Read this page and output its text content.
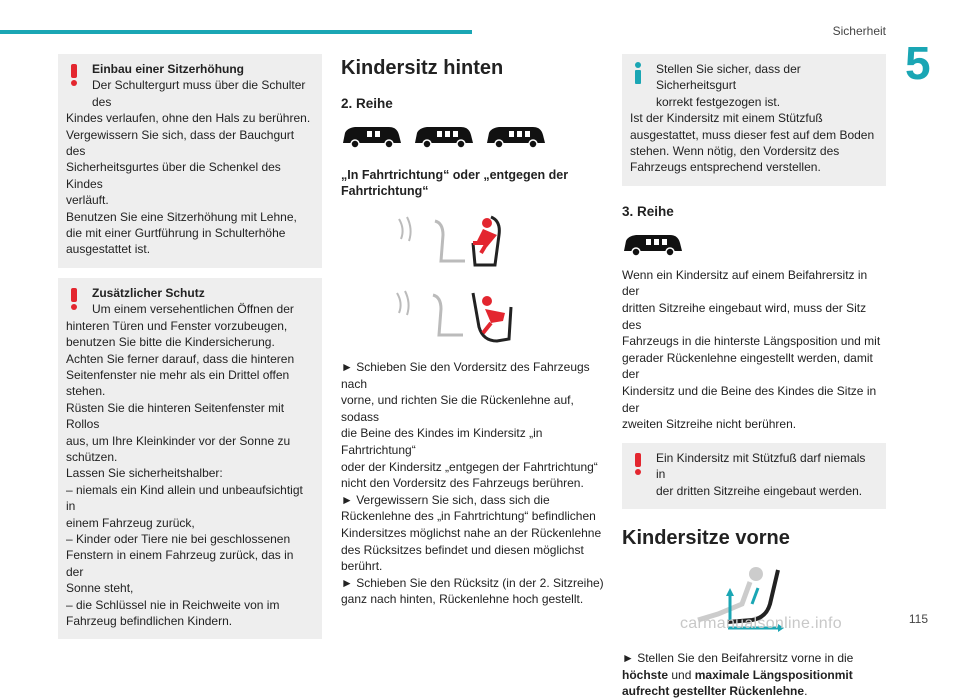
Sicherheit
5

Einbau einer Sitzerhöhung

Der Schultergurt muss über die Schulter des

Kindes verlaufen, ohne den Hals zu berühren.

Vergewissern Sie sich, dass der Bauchgurt des

Sicherheitsgurtes über die Schenkel des Kindes

verläuft.

Benutzen Sie eine Sitzerhöhung mit Lehne,

die mit einer Gurtführung in Schulterhöhe

ausgestattet ist.

Zusätzlicher Schutz

Um einem versehentlichen Öffnen der

hinteren Türen und Fenster vorzubeugen,

benutzen Sie bitte die Kindersicherung.

Achten Sie ferner darauf, dass die hinteren

Seitenfenster nie mehr als ein Drittel offen

stehen.

Rüsten Sie die hinteren Seitenfenster mit Rollos

aus, um Ihre Kleinkinder vor der Sonne zu

schützen.

Lassen Sie sicherheitshalber:

– niemals ein Kind allein und unbeaufsichtigt in

einem Fahrzeug zurück,

– Kinder oder Tiere nie bei geschlossenen

Fenstern in einem Fahrzeug zurück, das in der

Sonne steht,

– die Schlüssel nie in Reichweite von im

Fahrzeug befindlichen Kindern.

Kindersitz hinten
2. Reihe
„In Fahrtrichtung“ oder „entgegen der Fahrtrichtung“

► Schieben Sie den Vordersitz des Fahrzeugs nach

vorne, und richten Sie die Rückenlehne auf, sodass

die Beine des Kindes im Kindersitz „in Fahrtrichtung“

oder der Kindersitz „entgegen der Fahrtrichtung“

nicht den Vordersitz des Fahrzeugs berühren.

► Vergewissern Sie sich, dass sich die

Rückenlehne des „in Fahrtrichtung“ befindlichen

Kindersitzes möglichst nahe an der Rückenlehne

des Rücksitzes befindet und diesen möglichst

berührt.

► Schieben Sie den Rücksitz (in der 2. Sitzreihe)

ganz nach hinten, Rückenlehne hoch gestellt.

Stellen Sie sicher, dass der Sicherheitsgurt

korrekt festgezogen ist.

Ist der Kindersitz mit einem Stützfuß

ausgestattet, muss dieser fest auf dem Boden

stehen. Wenn nötig, den Vordersitz des

Fahrzeugs entsprechend verstellen.

3. Reihe

Wenn ein Kindersitz auf einem Beifahrersitz in der

dritten Sitzreihe eingebaut wird, muss der Sitz des

Fahrzeugs in die hinterste Längsposition und mit

gerader Rückenlehne eingestellt werden, damit der

Kindersitz und die Beine des Kindes die Sitze in der

zweiten Sitzreihe nicht berühren.

Ein Kindersitz mit Stützfuß darf niemals in

der dritten Sitzreihe eingebaut werden.

Kindersitze vorne

► Stellen Sie den Beifahrersitz vorne in die

höchste und maximale Längspositionmit

aufrecht gestellter Rückenlehne.

carmanualsonline.info	115
